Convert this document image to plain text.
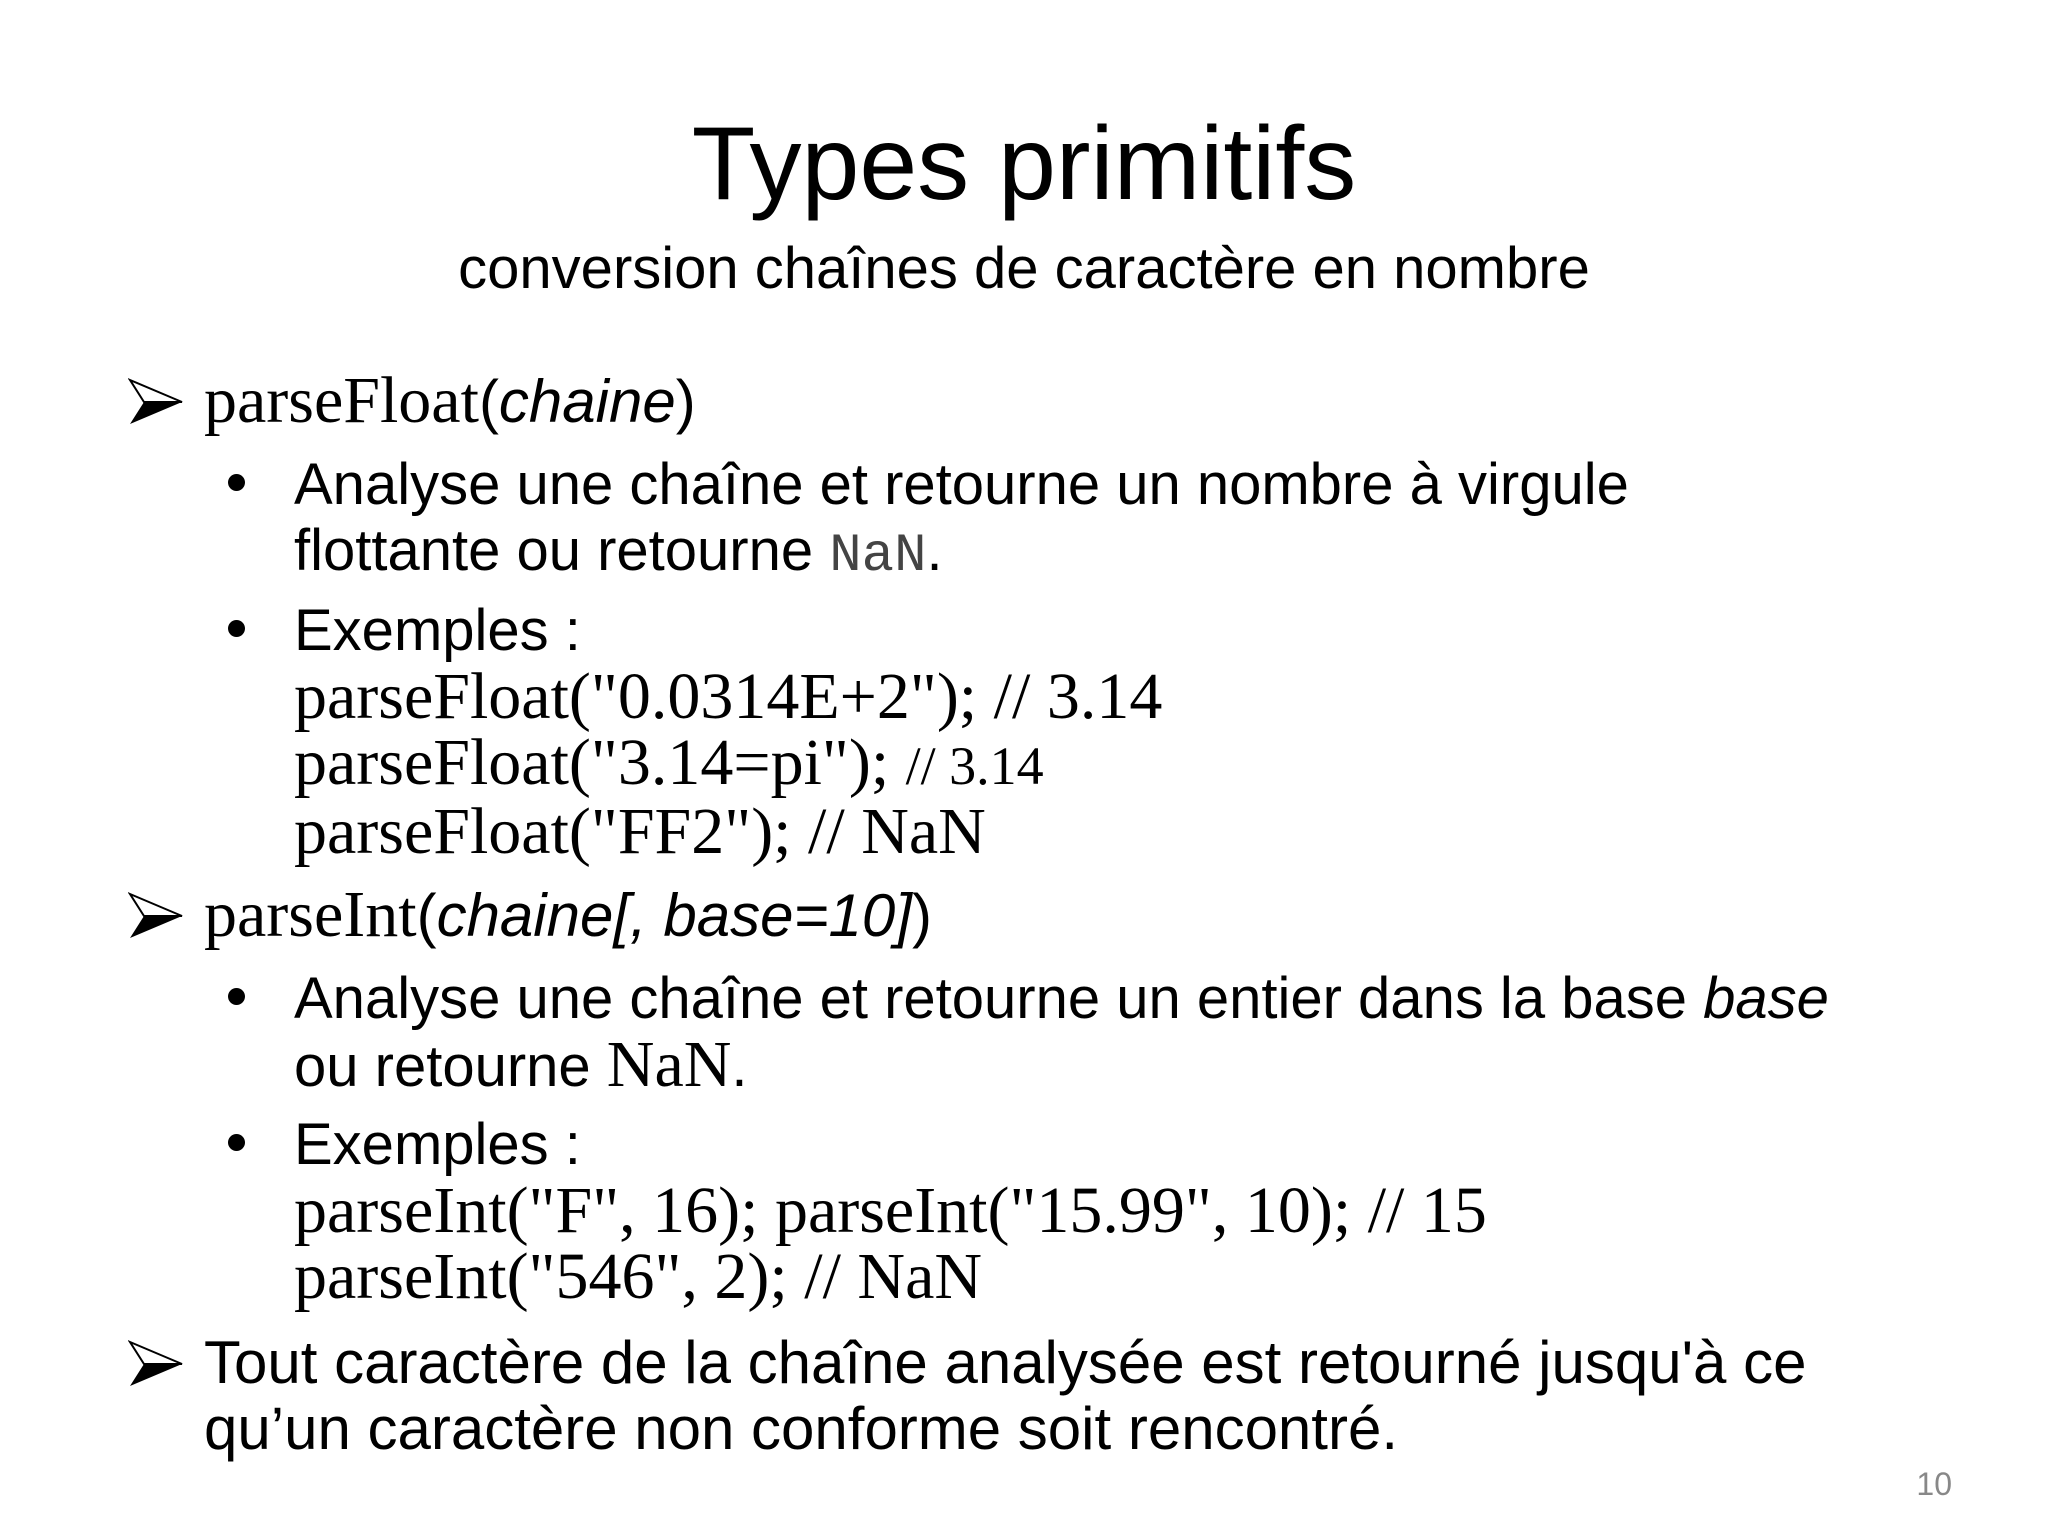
Types primitifs
conversion chaînes de caractère en nombre
parseFloat(chaine)
Analyse une chaîne et retourne un nombre à virgule
flottante ou retourne NaN.
Exemples :
parseFloat("0.0314E+2"); // 3.14
parseFloat("3.14=pi"); // 3.14
parseFloat("FF2"); // NaN
parseInt(chaine[, base=10])
Analyse une chaîne et retourne un entier dans la base base
ou retourne NaN.
Exemples :
parseInt("F", 16); parseInt("15.99", 10); // 15
parseInt("546", 2); // NaN
Tout caractère de la chaîne analysée est retourné jusqu'à ce
qu’un caractère non conforme soit rencontré.
10
